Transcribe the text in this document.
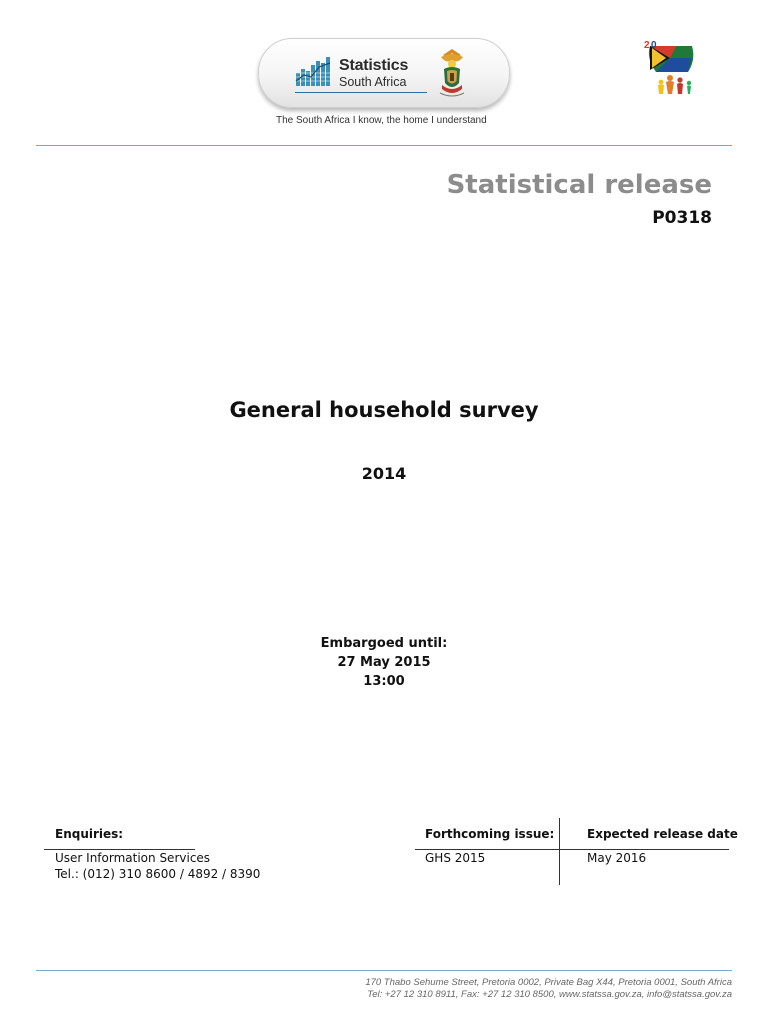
Statistics
South Africa
The South Africa I know, the home I understand
2 0
Statistical release
P0318
General household survey
2014
Embargoed until:
27 May 2015
13:00
Enquiries:
User Information Services
Tel.: (012) 310 8600 / 4892 / 8390
Forthcoming issue:	Expected release date
GHS 2015	May 2016
170 Thabo Sehume Street, Pretoria 0002, Private Bag X44, Pretoria 0001, South Africa
Tel: +27 12 310 8911, Fax: +27 12 310 8500, www.statssa.gov.za, info@statssa.gov.za
